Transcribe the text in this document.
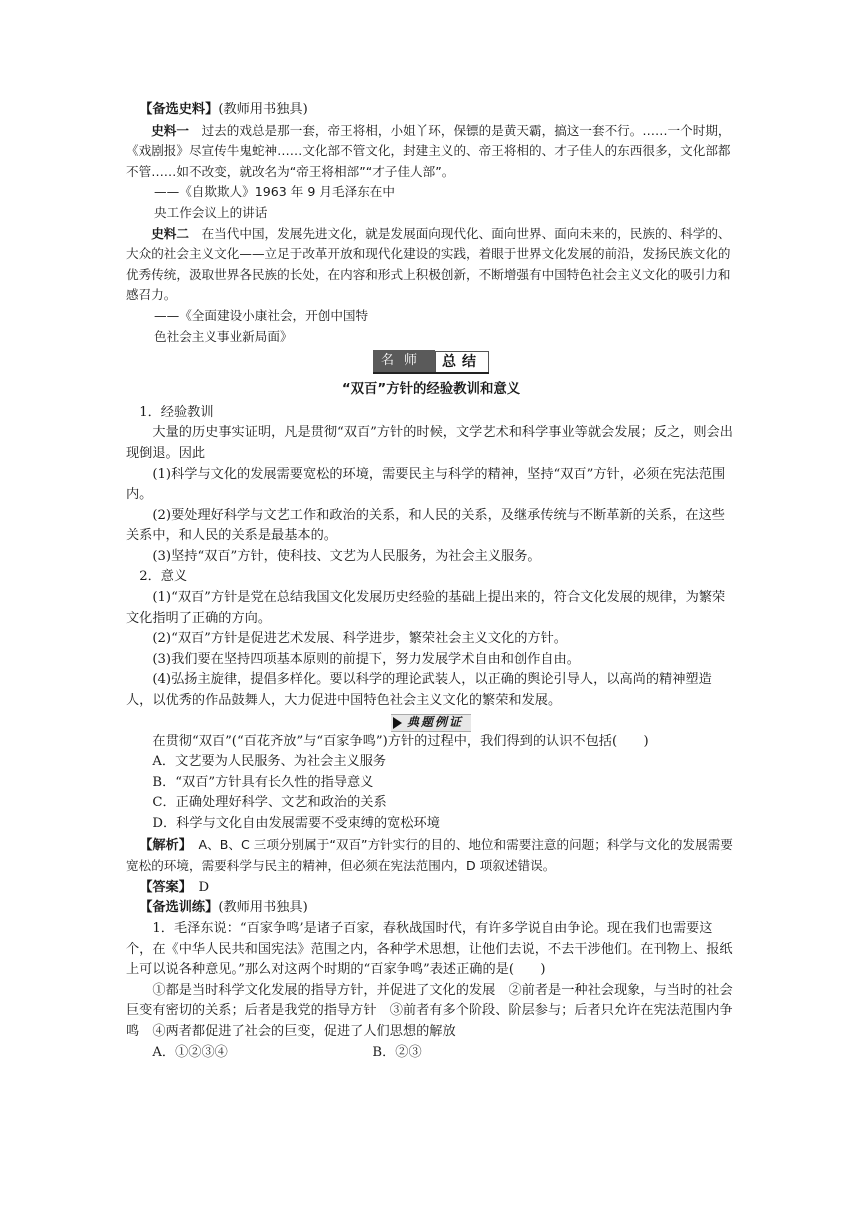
【备选史料】(教师用书独具)

史料一　 过去的戏总是那一套，帝王将相，小姐丫环，保镖的是黄天霸，搞这一套不行。……一个时期，《戏剧报》尽宣传牛鬼蛇神……文化部不管文化，封建主义的、帝王将相的、才子佳人的东西很多，文化部都不管……如不改变，就改名为“帝王将相部”“才子佳人部”。

——《自欺欺人》1963 年 9 月毛泽东在中

央工作会议上的讲话

史料二　 在当代中国，发展先进文化，就是发展面向现代化、面向世界、面向未来的，民族的、科学的、大众的社会主义文化——立足于改革开放和现代化建设的实践，着眼于世界文化发展的前沿，发扬民族文化的优秀传统，汲取世界各民族的长处，在内容和形式上积极创新，不断增强有中国特色社会主义文化的吸引力和感召力。

——《全面建设小康社会，开创中国特

色社会主义事业新局面》

名师	总结

“双百”方针的经验教训和意义

1．经验教训

大量的历史事实证明，凡是贯彻“双百”方针的时候，文学艺术和科学事业等就会发展；反之，则会出现倒退。因此

(1)科学与文化的发展需要宽松的环境，需要民主与科学的精神，坚持“双百”方针，必须在宪法范围内。

(2)要处理好科学与文艺工作和政治的关系，和人民的关系，及继承传统与不断革新的关系，在这些关系中，和人民的关系是最基本的。

(3)坚持“双百”方针，使科技、文艺为人民服务，为社会主义服务。

2．意义

(1)“双百”方针是党在总结我国文化发展历史经验的基础上提出来的，符合文化发展的规律，为繁荣文化指明了正确的方向。

(2)“双百”方针是促进艺术发展、科学进步，繁荣社会主义文化的方针。

(3)我们要在坚持四项基本原则的前提下，努力发展学术自由和创作自由。

(4)弘扬主旋律，提倡多样化。要以科学的理论武装人，以正确的舆论引导人，以高尚的精神塑造人，以优秀的作品鼓舞人，大力促进中国特色社会主义文化的繁荣和发展。

典题例证

在贯彻“双百”(“百花齐放”与“百家争鸣”)方针的过程中，我们得到的认识不包括(　　)

A．文艺要为人民服务、为社会主义服务

B．“双百”方针具有长久性的指导意义

C．正确处理好科学、文艺和政治的关系

D．科学与文化自由发展需要不受束缚的宽松环境

【解析】　 A、B、C 三项分别属于“双百”方针实行的目的、地位和需要注意的问题；科学与文化的发展需要宽松的环境，需要科学与民主的精神，但必须在宪法范围内，D 项叙述错误。

【答案】　 D

【备选训练】(教师用书独具)

1．毛泽东说：“百家争鸣’是诸子百家，春秋战国时代，有许多学说自由争论。现在我们也需要这个，在《中华人民共和国宪法》范围之内，各种学术思想，让他们去说，不去干涉他们。在刊物上、报纸上可以说各种意见。”那么对这两个时期的“百家争鸣”表述正确的是(　　)

①都是当时科学文化发展的指导方针，并促进了文化的发展　②前者是一种社会现象，与当时的社会巨变有密切的关系；后者是我党的指导方针　③前者有多个阶段、阶层参与；后者只允许在宪法范围内争鸣　④两者都促进了社会的巨变，促进了人们思想的解放

A．①②③④	B．②③
